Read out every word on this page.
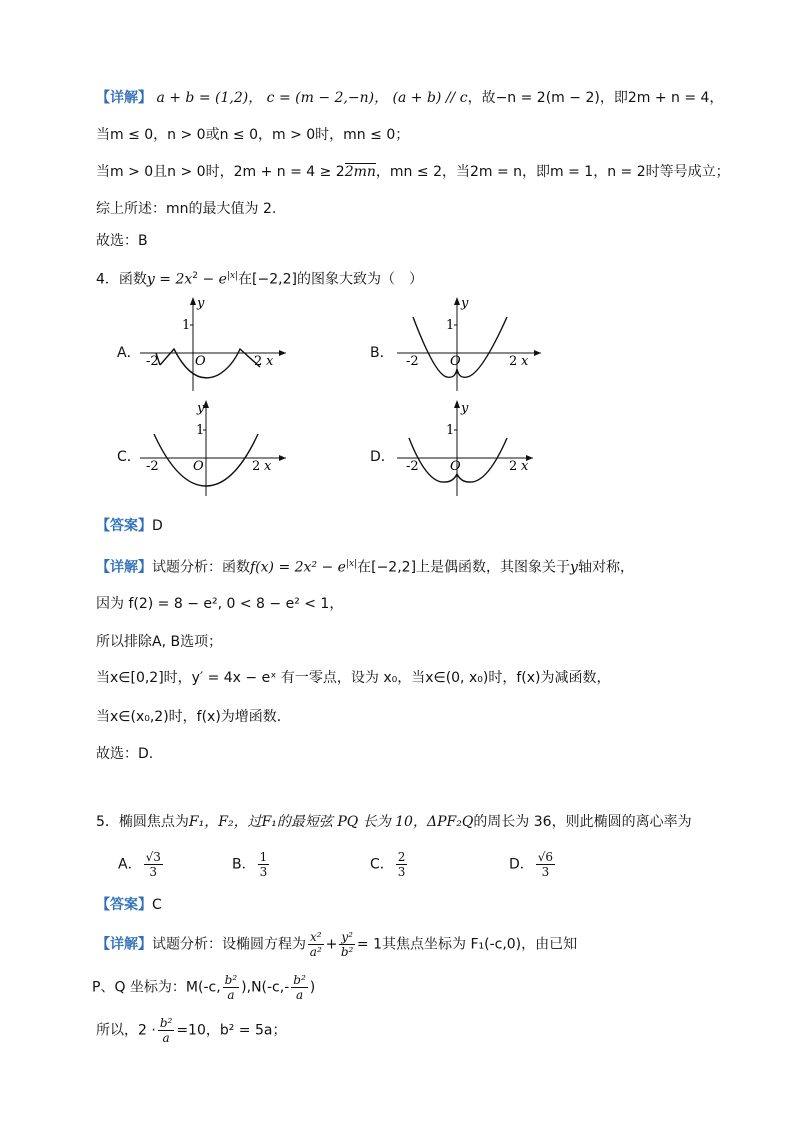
【详解】 a + b = (1,2)， c = (m − 2,−n)， (a + b) // c，故−n = 2(m − 2)，即2m + n = 4，
当m ≤ 0，n > 0或n ≤ 0，m > 0时，mn ≤ 0；
当m > 0且n > 0时，2m + n = 4 ≥ 22mn，mn ≤ 2，当2m = n，即m = 1，n = 2时等号成立；
综上所述：mn的最大值为 2.
故选：B
4．函数$y = 2x^2 - e^{|x|}$在[−2,2]的图象大致为（　）
A．	B．
C．	D．
y
1
O
-2	2 x
y
1
O
-2	2 x
y
1
O
-2	2 x
y
1
O
-2	2 x
【答案】D
【详解】试题分析：函数$f(x) = 2x^2 - e^{|x|}$在[−2,2]上是偶函数，其图象关于y轴对称，
因为 f(2) = 8 − e², 0 < 8 − e² < 1，
所以排除A, B选项；
当x∈[0,2]时，y′ = 4x − eˣ 有一零点，设为 x₀，当x∈(0, x₀)时，f(x)为减函数，
当x∈(x₀,2)时，f(x)为增函数．
故选：D.
5．椭圆焦点为F₁，F₂，过F₁的最短弦 PQ 长为 10，ΔPF₂Q的周长为 36，则此椭圆的离心率为
A． $\frac{√3}{3}$	B． $\frac{1}{3}$	C． $\frac{2}{3}$	D． $\frac{√6}{3}$
【答案】C
【详解】试题分析：设椭圆方程为 $\frac{\text{x²}}{\text{a²}} + \frac{\text{y²}}{\text{b²}} = 1$其焦点坐标为 F₁(-c,0)，由已知
P、Q 坐标为：M(-c, $\frac{\text{b²}}{a} ),N(-c,- \frac{\text{b²}}{a}$ )
所以，$2 \cdot \frac{\text{b²}}{a} =10$，b² = 5a；
